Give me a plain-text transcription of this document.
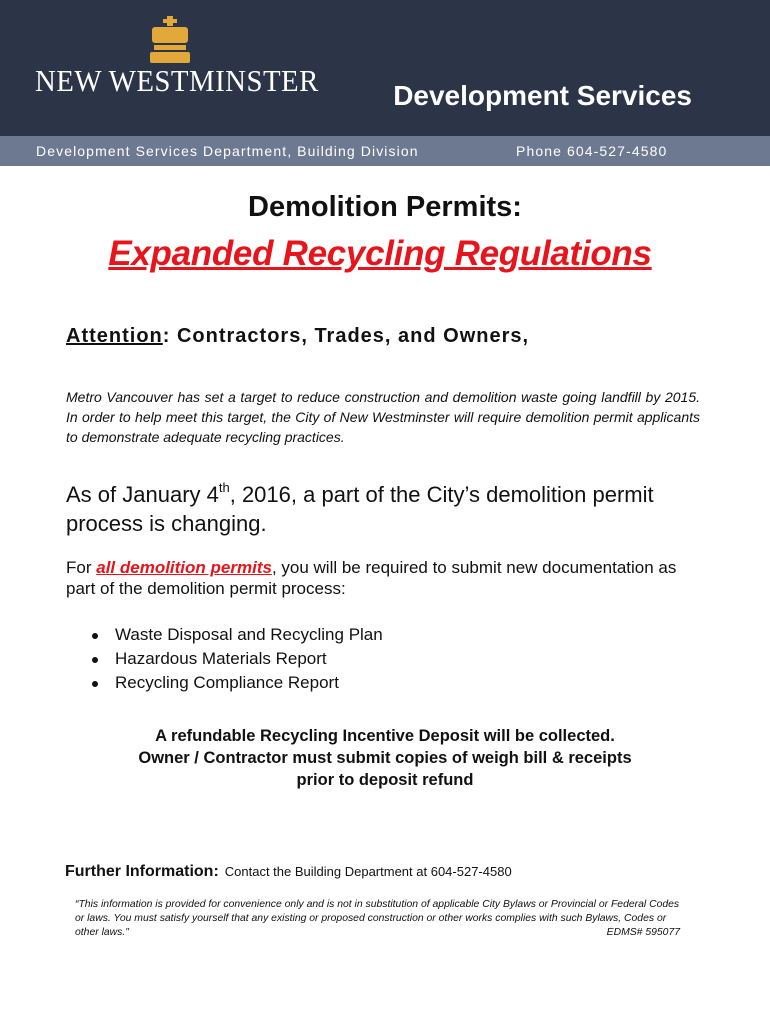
NEW WESTMINSTER	Development Services
Development Services Department, Building Division	Phone 604-527-4580
Demolition Permits:
Expanded Recycling Regulations
Attention: Contractors, Trades, and Owners,
Metro Vancouver has set a target to reduce construction and demolition waste going landfill by 2015. In order to help meet this target, the City of New Westminster will require demolition permit applicants to demonstrate adequate recycling practices.
As of January 4th, 2016, a part of the City’s demolition permit process is changing.
For all demolition permits, you will be required to submit new documentation as part of the demolition permit process:
Waste Disposal and Recycling Plan
Hazardous Materials Report
Recycling Compliance Report
A refundable Recycling Incentive Deposit will be collected.
Owner / Contractor must submit copies of weigh bill & receipts
prior to deposit refund
Further Information: Contact the Building Department at 604-527-4580
“This information is provided for convenience only and is not in substitution of applicable City Bylaws or Provincial or Federal Codes or laws. You must satisfy yourself that any existing or proposed construction or other works complies with such Bylaws, Codes or other laws."	EDMS# 595077
